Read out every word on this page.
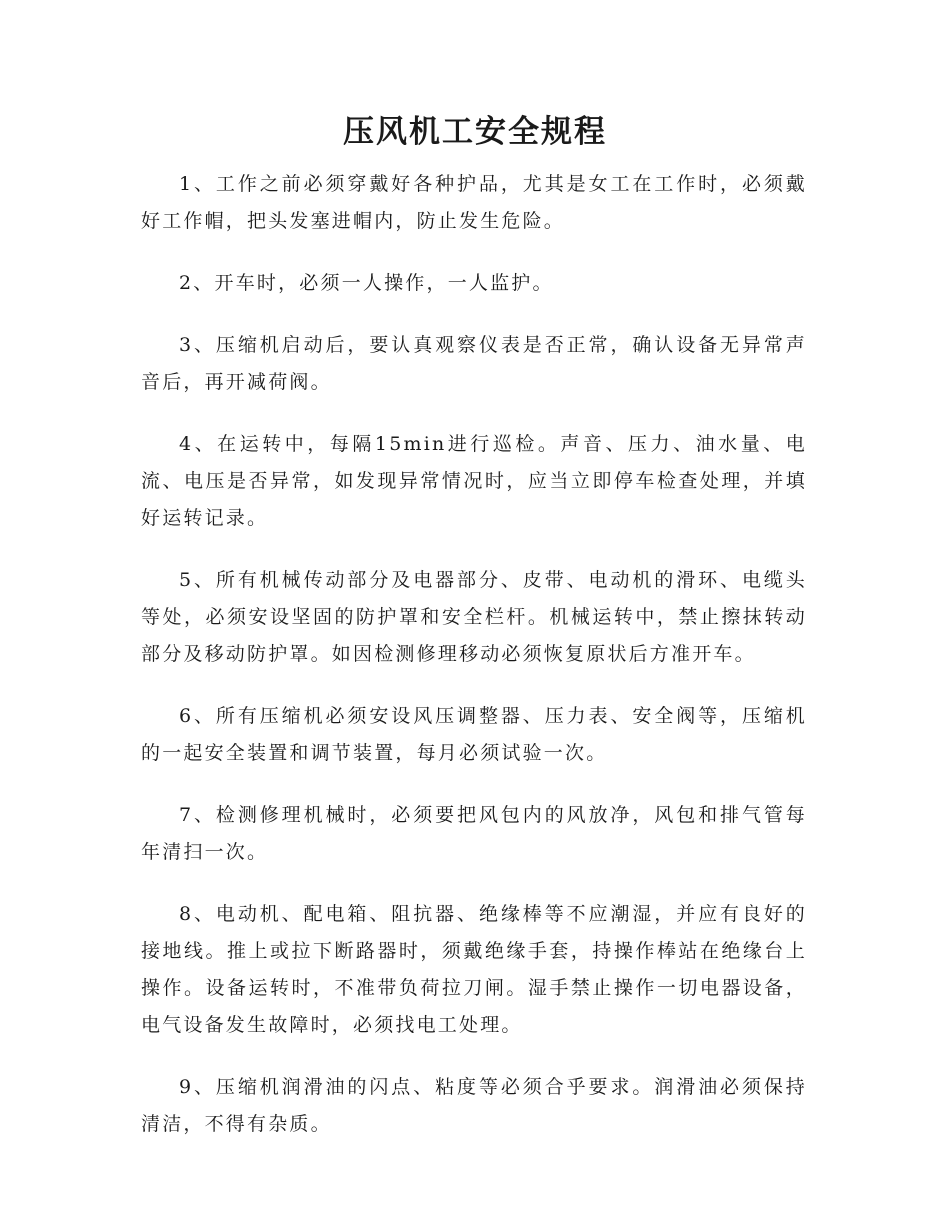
压风机工安全规程

1、工作之前必须穿戴好各种护品，尤其是女工在工作时，必须戴好工作帽，把头发塞进帽内，防止发生危险。

2、开车时，必须一人操作，一人监护。

3、压缩机启动后，要认真观察仪表是否正常，确认设备无异常声音后，再开减荷阀。

4、在运转中，每隔15min进行巡检。声音、压力、油水量、电流、电压是否异常，如发现异常情况时，应当立即停车检查处理，并填好运转记录。

5、所有机械传动部分及电器部分、皮带、电动机的滑环、电缆头等处，必须安设坚固的防护罩和安全栏杆。机械运转中，禁止擦抹转动部分及移动防护罩。如因检测修理移动必须恢复原状后方准开车。

6、所有压缩机必须安设风压调整器、压力表、安全阀等，压缩机的一起安全装置和调节装置，每月必须试验一次。

7、检测修理机械时，必须要把风包内的风放净，风包和排气管每年清扫一次。

8、电动机、配电箱、阻抗器、绝缘棒等不应潮湿，并应有良好的接地线。推上或拉下断路器时，须戴绝缘手套，持操作棒站在绝缘台上操作。设备运转时，不准带负荷拉刀闸。湿手禁止操作一切电器设备，电气设备发生故障时，必须找电工处理。

9、压缩机润滑油的闪点、粘度等必须合乎要求。润滑油必须保持清洁，不得有杂质。
